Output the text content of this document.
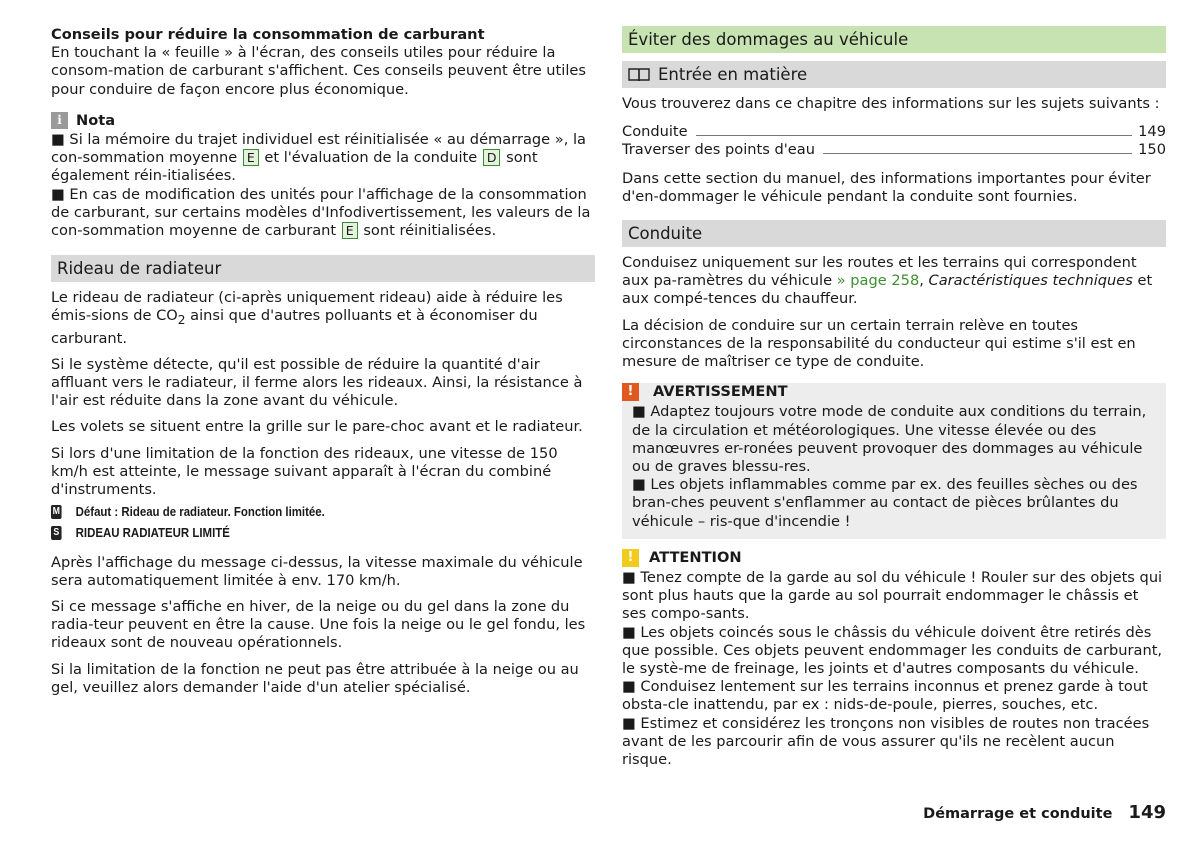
Conseils pour réduire la consommation de carburant

En touchant la « feuille » à l'écran, des conseils utiles pour réduire la consom-mation de carburant s'affichent. Ces conseils peuvent être utiles pour conduire de façon encore plus économique.

i Nota

■ Si la mémoire du trajet individuel est réinitialisée « au démarrage », la con-sommation moyenne E et l'évaluation de la conduite D sont également réin-itialisées.

■ En cas de modification des unités pour l'affichage de la consommation de carburant, sur certains modèles d'Infodivertissement, les valeurs de la con-sommation moyenne de carburant E sont réinitialisées.

Rideau de radiateur

Le rideau de radiateur (ci-après uniquement rideau) aide à réduire les émis-sions de $CO_2$ ainsi que d'autres polluants et à économiser du carburant.

Si le système détecte, qu'il est possible de réduire la quantité d'air affluant vers le radiateur, il ferme alors les rideaux. Ainsi, la résistance à l'air est réduite dans la zone avant du véhicule.

Les volets se situent entre la grille sur le pare-choc avant et le radiateur.

Si lors d'une limitation de la fonction des rideaux, une vitesse de 150 km/h est atteinte, le message suivant apparaît à l'écran du combiné d'instruments.

M Défaut : Rideau de radiateur. Fonction limitée.
S RIDEAU RADIATEUR LIMITÉ

Après l'affichage du message ci-dessus, la vitesse maximale du véhicule sera automatiquement limitée à env. 170 km/h.

Si ce message s'affiche en hiver, de la neige ou du gel dans la zone du radia-teur peuvent en être la cause. Une fois la neige ou le gel fondu, les rideaux sont de nouveau opérationnels.

Si la limitation de la fonction ne peut pas être attribuée à la neige ou au gel, veuillez alors demander l'aide d'un atelier spécialisé.

Éviter des dommages au véhicule
Entrée en matière

Vous trouverez dans ce chapitre des informations sur les sujets suivants :

Conduite	149
Traverser des points d'eau	150

Dans cette section du manuel, des informations importantes pour éviter d'en-dommager le véhicule pendant la conduite sont fournies.

Conduite

Conduisez uniquement sur les routes et les terrains qui correspondent aux pa-ramètres du véhicule » page 258, Caractéristiques techniques et aux compé-tences du chauffeur.

La décision de conduire sur un certain terrain relève en toutes circonstances de la responsabilité du conducteur qui estime s'il est en mesure de maîtriser ce type de conduite.

!	AVERTISSEMENT

■ Adaptez toujours votre mode de conduite aux conditions du terrain, de la circulation et météorologiques. Une vitesse élevée ou des manœuvres er-ronées peuvent provoquer des dommages au véhicule ou de graves blessu-res.

■ Les objets inflammables comme par ex. des feuilles sèches ou des bran-ches peuvent s'enflammer au contact de pièces brûlantes du véhicule – ris-que d'incendie !

!	ATTENTION

■ Tenez compte de la garde au sol du véhicule ! Rouler sur des objets qui sont plus hauts que la garde au sol pourrait endommager le châssis et ses compo-sants.

■ Les objets coincés sous le châssis du véhicule doivent être retirés dès que possible. Ces objets peuvent endommager les conduits de carburant, le systè-me de freinage, les joints et d'autres composants du véhicule.

■ Conduisez lentement sur les terrains inconnus et prenez garde à tout obsta-cle inattendu, par ex : nids-de-poule, pierres, souches, etc.

■ Estimez et considérez les tronçons non visibles de routes non tracées avant de les parcourir afin de vous assurer qu'ils ne recèlent aucun risque.

Démarrage et conduite 149
